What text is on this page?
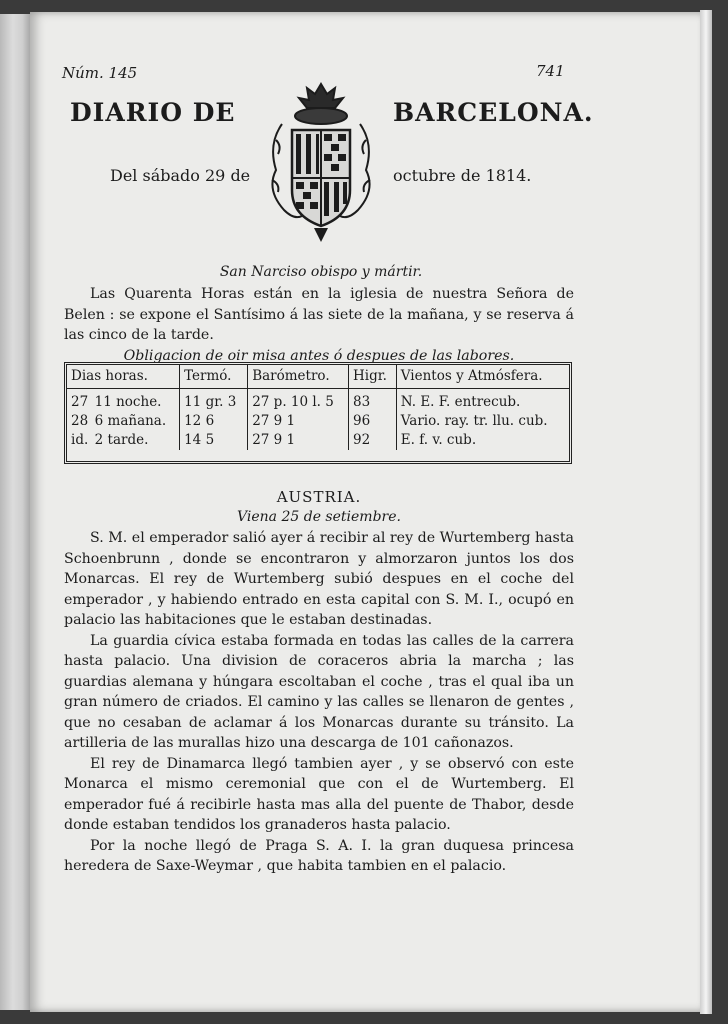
Núm. 145	741
DIARIO DE	BARCELONA.
Del sábado 29 de	octubre de 1814.
San Narciso obispo y mártir.

Las Quarenta Horas están en la iglesia de nuestra Señora de Belen : se expone el Santísimo á las siete de la mañana, y se reserva á las cinco de la tarde.

Obligacion de oir misa antes ó despues de las labores.

Dias horas.		Termó.	Barómetro.	Higr.	Vientos y Atmósfera.
27	11 noche.	11 gr. 3	27 p. 10 l. 5	83	N. E. F. entrecub.
28	6 mañana.	12 6	27 9 1	96	Vario. ray. tr. llu. cub.
id.	2 tarde.	14 5	27 9 1	92	E. f. v. cub.
AUSTRIA.
Viena 25 de setiembre.

S. M. el emperador salió ayer á recibir al rey de Wurtemberg hasta Schoenbrunn , donde se encontraron y almorzaron juntos los dos Monarcas. El rey de Wurtemberg subió despues en el coche del emperador , y habiendo entrado en esta capital con S. M. I., ocupó en palacio las habitaciones que le estaban destinadas.

La guardia cívica estaba formada en todas las calles de la carrera hasta palacio. Una division de coraceros abria la marcha ; las guardias alemana y húngara escoltaban el coche , tras el qual iba un gran número de criados. El camino y las calles se llenaron de gentes , que no cesaban de aclamar á los Monarcas durante su tránsito. La artilleria de las murallas hizo una descarga de 101 cañonazos.

El rey de Dinamarca llegó tambien ayer , y se observó con este Monarca el mismo ceremonial que con el de Wurtemberg. El emperador fué á recibirle hasta mas alla del puente de Thabor, desde donde estaban tendidos los granaderos hasta palacio.

Por la noche llegó de Praga S. A. I. la gran duquesa princesa heredera de Saxe-Weymar , que habita tambien en el palacio.
